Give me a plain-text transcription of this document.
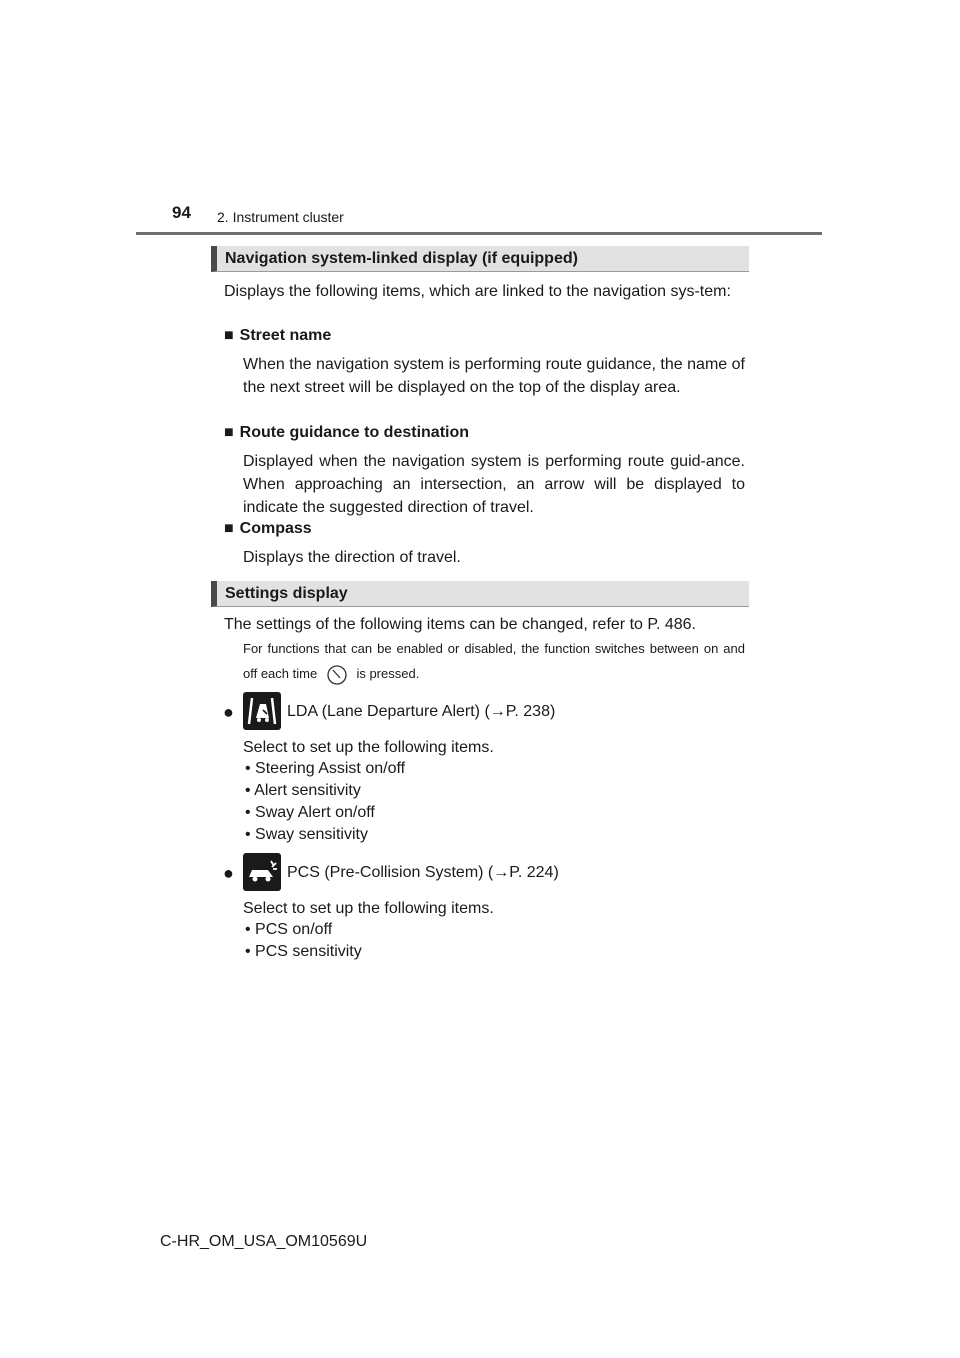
94 2. Instrument cluster
Navigation system-linked display (if equipped)
Displays the following items, which are linked to the navigation sys-tem:
■ Street name
When the navigation system is performing route guidance, the name of the next street will be displayed on the top of the display area.
■ Route guidance to destination
Displayed when the navigation system is performing route guid-ance. When approaching an intersection, an arrow will be displayed to indicate the suggested direction of travel.
■ Compass
Displays the direction of travel.
Settings display
The settings of the following items can be changed, refer to P. 486.
For functions that can be enabled or disabled, the function switches between on and off each time	is pressed.
●	LDA (Lane Departure Alert) (→P. 238)
Select to set up the following items.
• Steering Assist on/off
• Alert sensitivity
• Sway Alert on/off
• Sway sensitivity
●	PCS (Pre-Collision System) (→P. 224)
Select to set up the following items.
• PCS on/off
• PCS sensitivity
C-HR_OM_USA_OM10569U
